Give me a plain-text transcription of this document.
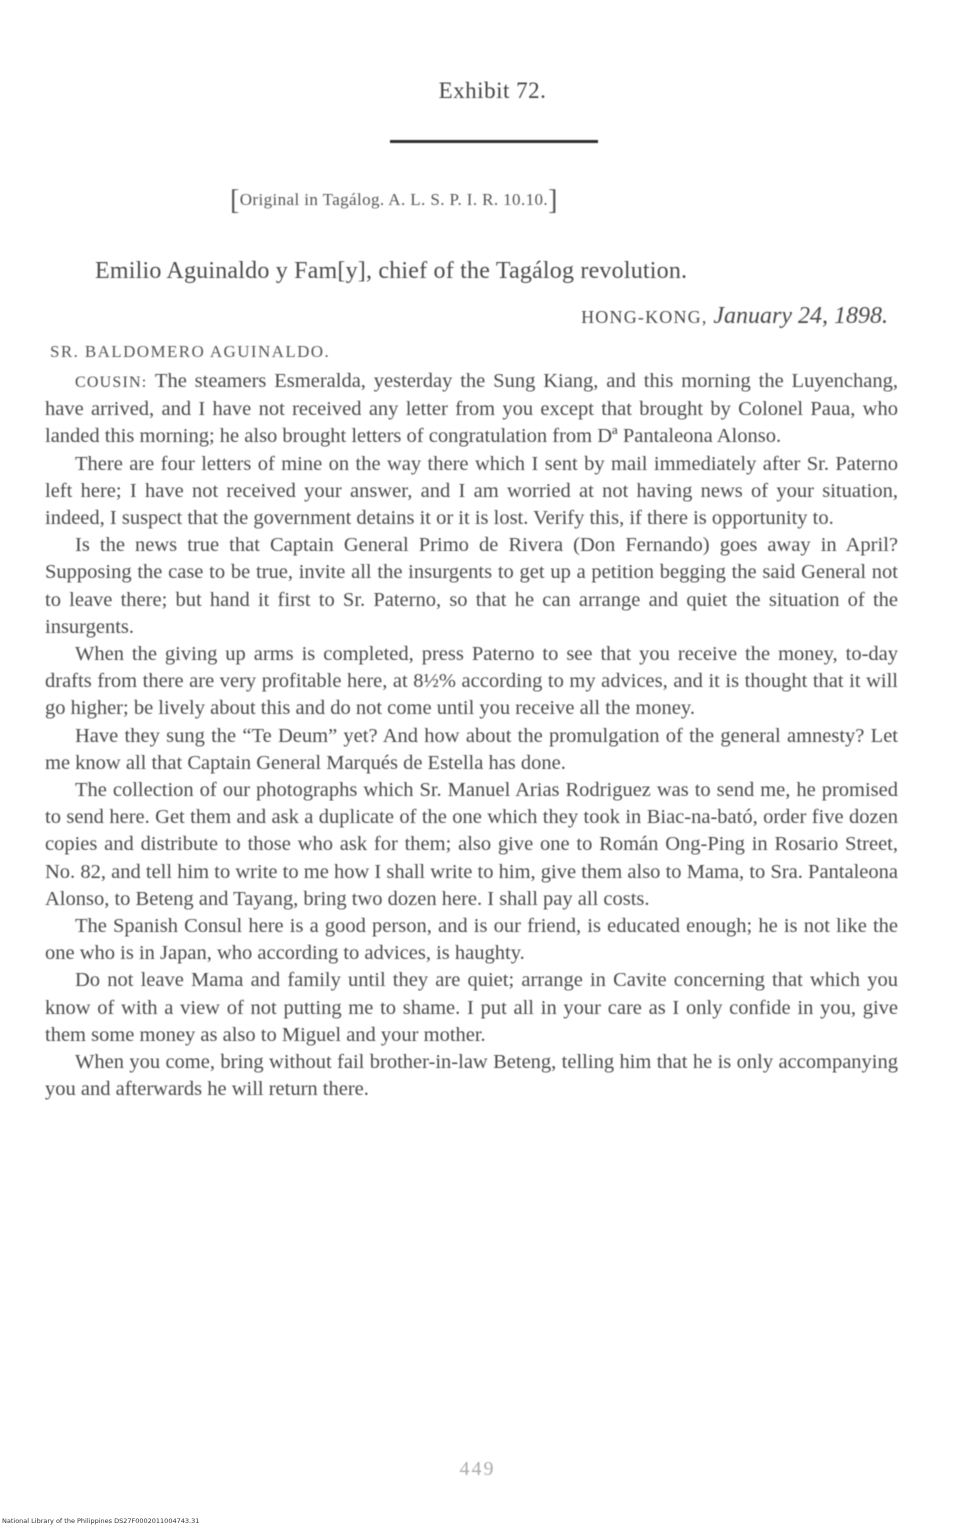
Exhibit 72.
[Original in Tagálog. A. L. S. P. I. R. 10.10.]
Emilio Aguinaldo y Fam[y], chief of the Tagálog revolution.
HONG-KONG, January 24, 1898.
SR. BALDOMERO AGUINALDO.

COUSIN: The steamers Esmeralda, yesterday the Sung Kiang, and this morning the Luyenchang, have arrived, and I have not received any letter from you except that brought by Colonel Paua, who landed this morning; he also brought letters of congratulation from Dª Pantaleona Alonso.

There are four letters of mine on the way there which I sent by mail immediately after Sr. Paterno left here; I have not received your answer, and I am worried at not having news of your situation, indeed, I suspect that the government detains it or it is lost. Verify this, if there is opportunity to.

Is the news true that Captain General Primo de Rivera (Don Fernando) goes away in April? Supposing the case to be true, invite all the insurgents to get up a petition begging the said General not to leave there; but hand it first to Sr. Paterno, so that he can arrange and quiet the situation of the insurgents.

When the giving up arms is completed, press Paterno to see that you receive the money, to-day drafts from there are very profitable here, at 8½% according to my advices, and it is thought that it will go higher; be lively about this and do not come until you receive all the money.

Have they sung the “Te Deum” yet? And how about the promulgation of the general amnesty? Let me know all that Captain General Marqués de Estella has done.

The collection of our photographs which Sr. Manuel Arias Rodriguez was to send me, he promised to send here. Get them and ask a duplicate of the one which they took in Biac-na-bató, order five dozen copies and distribute to those who ask for them; also give one to Román Ong-Ping in Rosario Street, No. 82, and tell him to write to me how I shall write to him, give them also to Mama, to Sra. Pantaleona Alonso, to Beteng and Tayang, bring two dozen here. I shall pay all costs.

The Spanish Consul here is a good person, and is our friend, is educated enough; he is not like the one who is in Japan, who according to advices, is haughty.

Do not leave Mama and family until they are quiet; arrange in Cavite concerning that which you know of with a view of not putting me to shame. I put all in your care as I only confide in you, give them some money as also to Miguel and your mother.

When you come, bring without fail brother-in-law Beteng, telling him that he is only accompanying you and afterwards he will return there.

449
National Library of the Philippines DS27F0002011004743.31
